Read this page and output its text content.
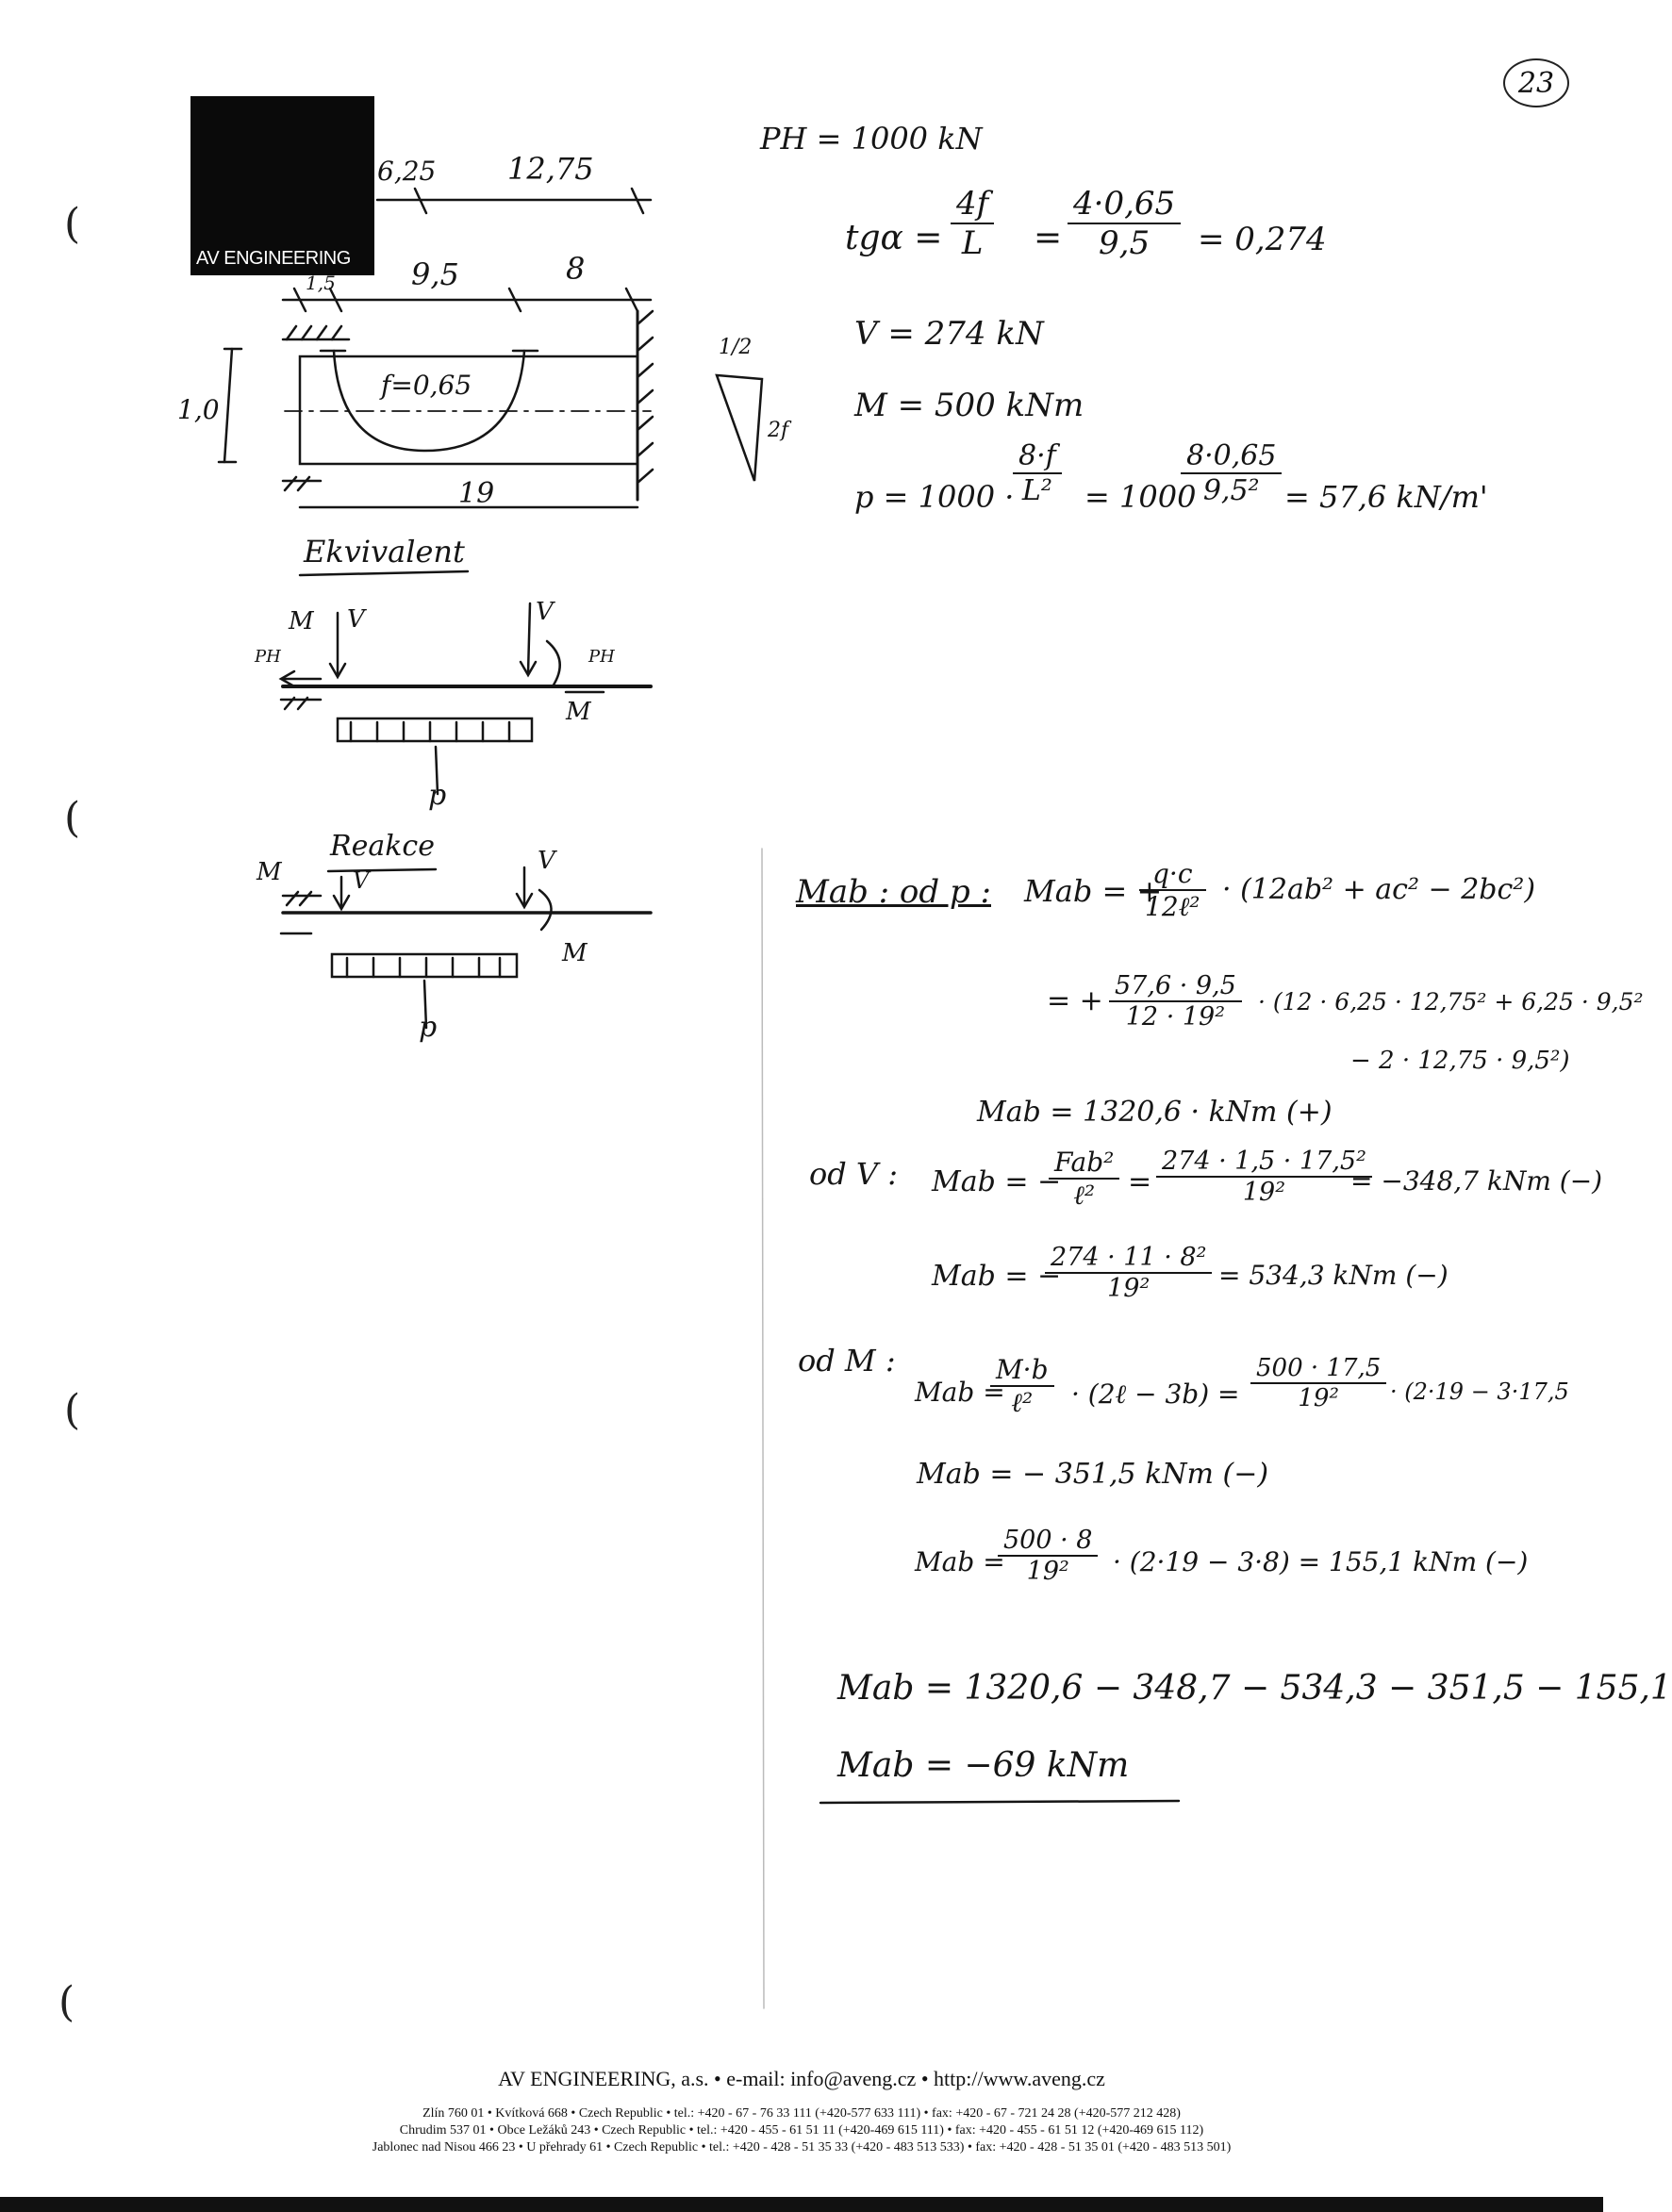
AV ENGINEERING
23
(
(
(
(
6,25 12,75
1,5	9,5	8
1,0
f=0,65
19
1/2
2f
Ekvivalent
Reakce
M V
PH
V
PH
M
p
M	V
V
M
p
PH = 1000 kN
$tg\alpha = \frac{4f}{L} = \frac{4\cdot 0,65}{9,5} = 0,274$
V = 274 kN
M = 500 kNm
p = 1000 ·
$\frac{8\cdot f}{\text{L²}} = 1000$
$\frac{8\cdot 0,65}{\text{9,5²}} = 57,6$ kN/m'
Mab : od p : Mab = +
q·c
12ℓ²
· (12ab² + ac² − 2bc²)
= + $\frac{57,6 \cdot 9,5}{\text{12 · 19²}} \cdot (12 \cdot 6,25 \cdot 12,75^2 + 6,25 \cdot 9,5^2$
− 2 · 12,75 · 9,5²)
Mab = 1320,6 · kNm (+)
od V : Mab = −
Fab²
ℓ²	= $\frac{\text{274 · 1,5 · 17,5²}}{\text{19²}}$
= −348,7 kNm (−)
Mab = −
$\frac{\text{274 · 11 · 8²}}{\text{19²}} = 534,3$ kNm (−)
od M :
Mab =
M·b
ℓ²	· (2ℓ − $3b) = \frac{500 \cdot 17,5}{\text{19²}} \cdot (2\cdot 19 - 3\cdot 17,5$
Mab = − 351,5 kNm (−)
Mab =
$\frac{500 \cdot 8}{\text{19²}} \cdot (2\cdot 19 - 3\cdot 8) = 155,1$ kNm (−)
Mab = 1320,6 − 348,7 − 534,3 − 351,5 − 155,1
Mab = −69 kNm
AV ENGINEERING, a.s. • e-mail: info@aveng.cz • http://www.aveng.cz
Zlín 760 01 • Kvítková 668 • Czech Republic • tel.: +420 - 67 - 76 33 111 (+420-577 633 111) • fax: +420 - 67 - 721 24 28 (+420-577 212 428)
Chrudim 537 01 • Obce Ležáků 243 • Czech Republic • tel.: +420 - 455 - 61 51 11 (+420-469 615 111) • fax: +420 - 455 - 61 51 12 (+420-469 615 112)
Jablonec nad Nisou 466 23 • U přehrady 61 • Czech Republic • tel.: +420 - 428 - 51 35 33 (+420 - 483 513 533) • fax: +420 - 428 - 51 35 01 (+420 - 483 513 501)
